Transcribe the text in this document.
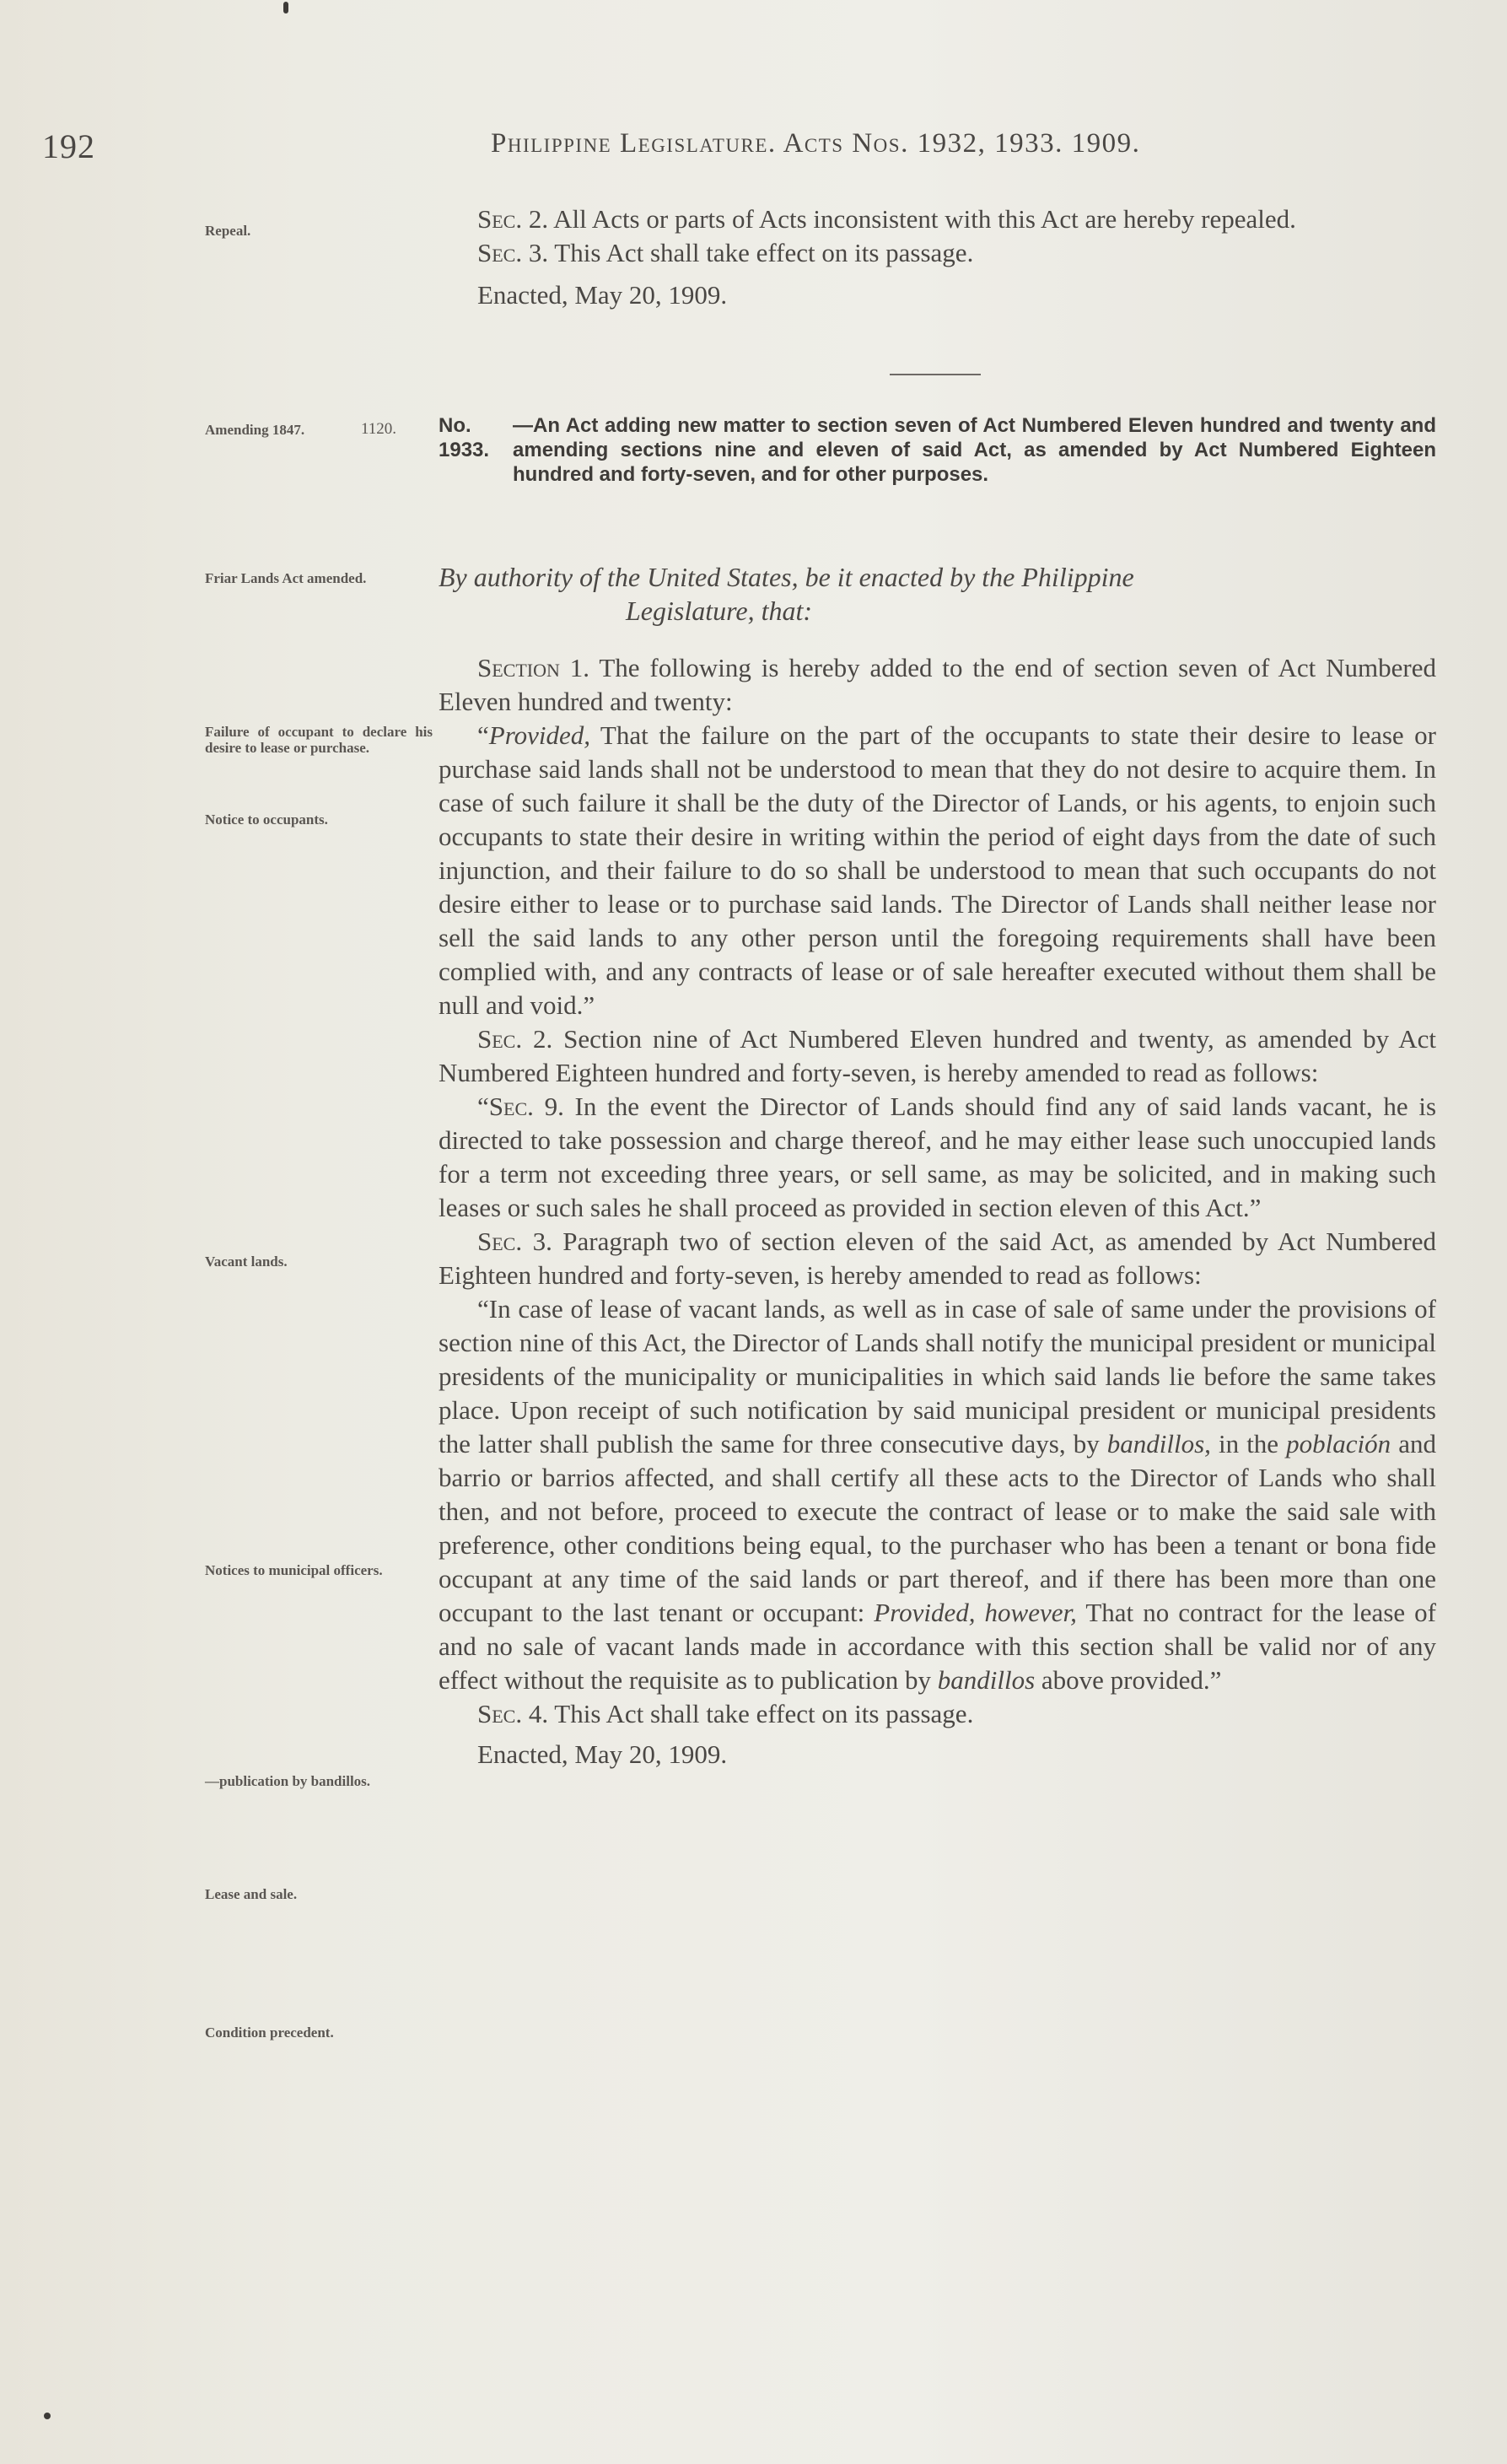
192	Philippine Legislature. Acts Nos. 1932, 1933. 1909.
Repeal.	Sec. 2. All Acts or parts of Acts inconsistent with this Act are hereby repealed.

Sec. 3. This Act shall take effect on its passage.

Enacted, May 20, 1909.

Amending 1847.	1120. No. 1933.
—An Act adding new matter to section seven of Act Numbered Eleven hundred and twenty and amending sections nine and eleven of said Act, as amended by Act Numbered Eighteen hundred and forty-seven, and for other purposes.
Friar Lands Act amended.	By authority of the United States, be it enacted by the Philippine
Legislature, that:
Failure of occupant to declare his desire to lease or purchase.
Notice to occupants.
Vacant lands.
Notices to municipal officers.
—publication by bandillos.
Lease and sale.
Condition precedent.

Section 1. The following is hereby added to the end of section seven of Act Numbered Eleven hundred and twenty:

“Provided, That the failure on the part of the occupants to state their desire to lease or purchase said lands shall not be understood to mean that they do not desire to acquire them. In case of such failure it shall be the duty of the Director of Lands, or his agents, to enjoin such occupants to state their desire in writing within the period of eight days from the date of such injunction, and their failure to do so shall be understood to mean that such occupants do not desire either to lease or to purchase said lands. The Director of Lands shall neither lease nor sell the said lands to any other person until the foregoing requirements shall have been complied with, and any contracts of lease or of sale hereafter executed without them shall be null and void.”

Sec. 2. Section nine of Act Numbered Eleven hundred and twenty, as amended by Act Numbered Eighteen hundred and forty-seven, is hereby amended to read as follows:

“Sec. 9. In the event the Director of Lands should find any of said lands vacant, he is directed to take possession and charge thereof, and he may either lease such unoccupied lands for a term not exceeding three years, or sell same, as may be solicited, and in making such leases or such sales he shall proceed as provided in section eleven of this Act.”

Sec. 3. Paragraph two of section eleven of the said Act, as amended by Act Numbered Eighteen hundred and forty-seven, is hereby amended to read as follows:

“In case of lease of vacant lands, as well as in case of sale of same under the provisions of section nine of this Act, the Director of Lands shall notify the municipal president or municipal presidents of the municipality or municipalities in which said lands lie before the same takes place. Upon receipt of such notification by said municipal president or municipal presidents the latter shall publish the same for three consecutive days, by bandillos, in the población and barrio or barrios affected, and shall certify all these acts to the Director of Lands who shall then, and not before, proceed to execute the contract of lease or to make the said sale with preference, other conditions being equal, to the purchaser who has been a tenant or bona fide occupant at any time of the said lands or part thereof, and if there has been more than one occupant to the last tenant or occupant: Provided, however, That no contract for the lease of and no sale of vacant lands made in accordance with this section shall be valid nor of any effect without the requisite as to publication by bandillos above provided.”

Sec. 4. This Act shall take effect on its passage.

Enacted, May 20, 1909.
